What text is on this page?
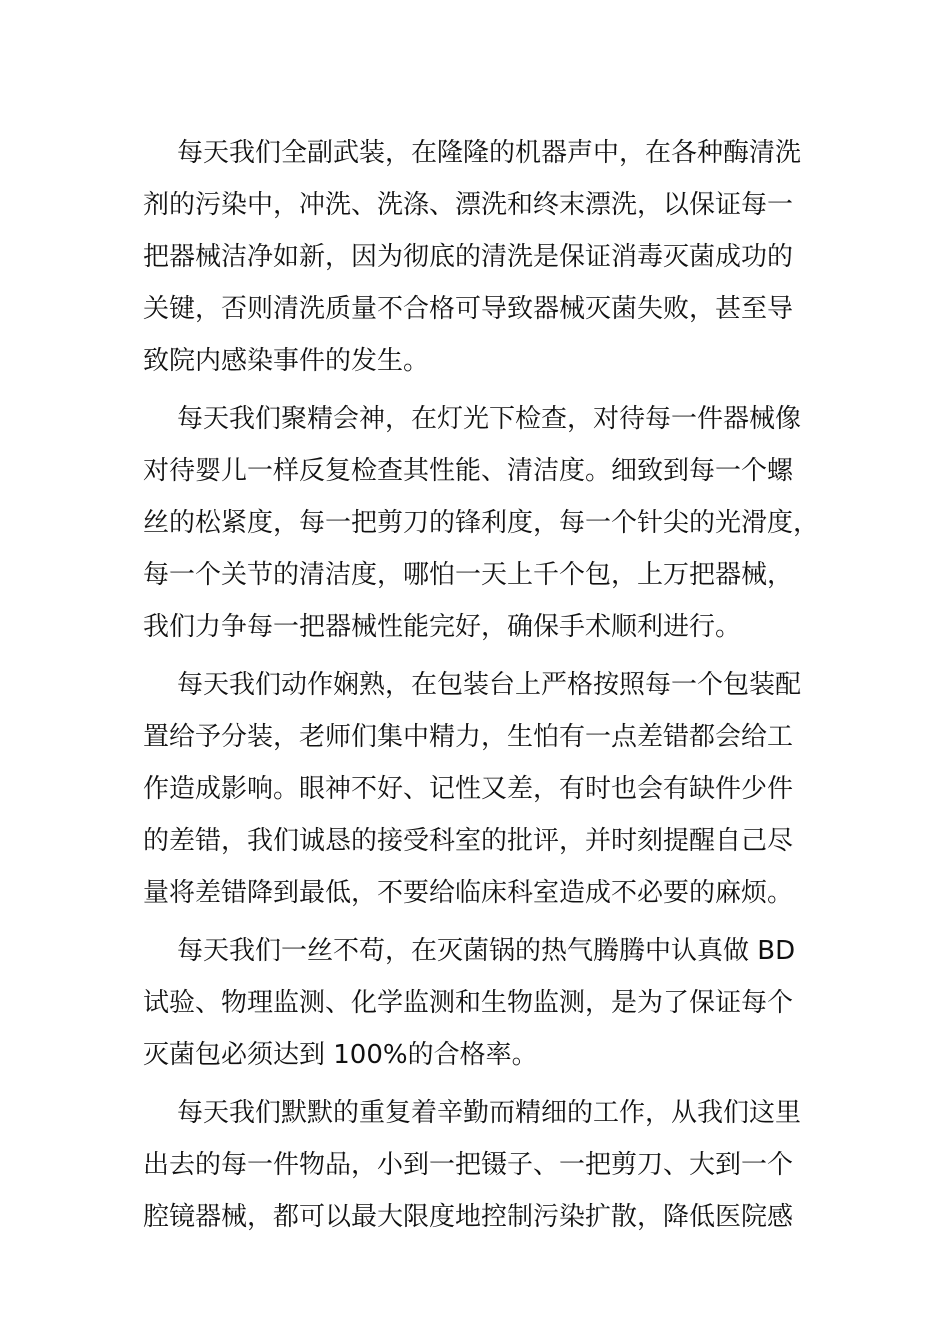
每天我们全副武装，在隆隆的机器声中，在各种酶清洗
剂的污染中，冲洗、洗涤、漂洗和终末漂洗，以保证每一
把器械洁净如新，因为彻底的清洗是保证消毒灭菌成功的
关键，否则清洗质量不合格可导致器械灭菌失败，甚至导
致院内感染事件的发生。

每天我们聚精会神，在灯光下检查，对待每一件器械像
对待婴儿一样反复检查其性能、清洁度。细致到每一个螺
丝的松紧度，每一把剪刀的锋利度，每一个针尖的光滑度，
每一个关节的清洁度，哪怕一天上千个包，上万把器械，
我们力争每一把器械性能完好，确保手术顺利进行。

每天我们动作娴熟，在包装台上严格按照每一个包装配
置给予分装，老师们集中精力，生怕有一点差错都会给工
作造成影响。眼神不好、记性又差，有时也会有缺件少件
的差错，我们诚恳的接受科室的批评，并时刻提醒自己尽
量将差错降到最低，不要给临床科室造成不必要的麻烦。

每天我们一丝不苟，在灭菌锅的热气腾腾中认真做 BD
试验、物理监测、化学监测和生物监测，是为了保证每个
灭菌包必须达到 100%的合格率。

每天我们默默的重复着辛勤而精细的工作，从我们这里
出去的每一件物品，小到一把镊子、一把剪刀、大到一个
腔镜器械，都可以最大限度地控制污染扩散，降低医院感
